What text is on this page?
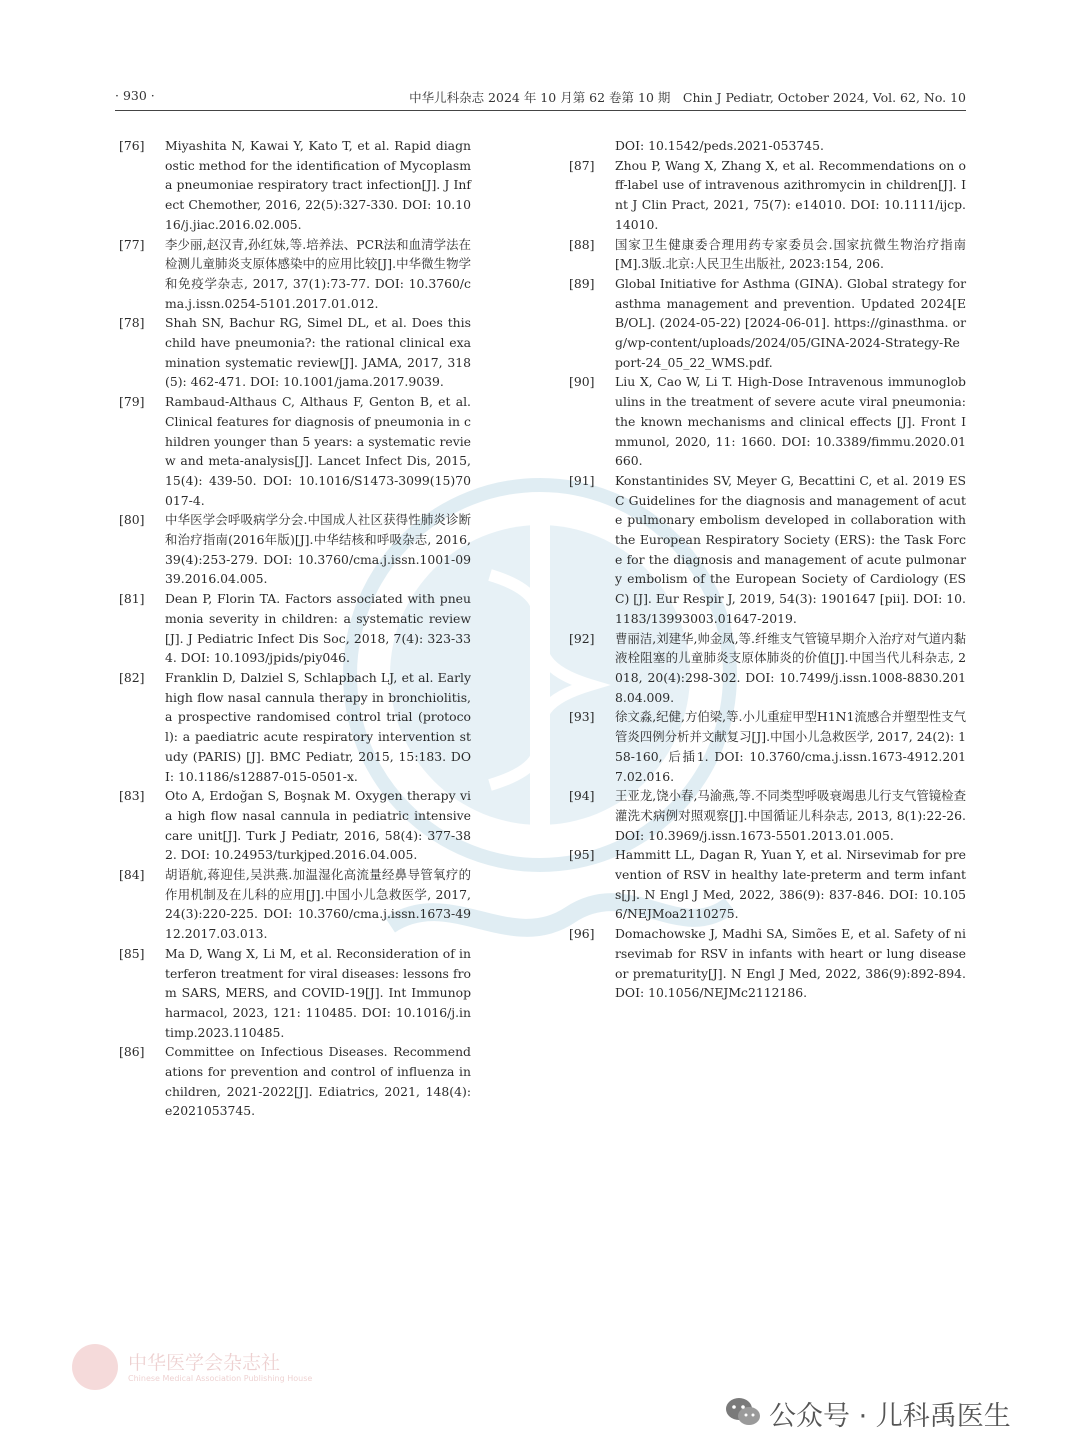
· 930 ·	中华儿科杂志 2024 年 10 月第 62 卷第 10 期　Chin J Pediatr, October 2024, Vol. 62, No. 10
[76] Miyashita N, Kawai Y, Kato T, et al. Rapid diagnostic method for the identification of Mycoplasma pneumoniae respiratory tract infection[J]. J Infect Chemother, 2016, 22(5):327-330. DOI: 10.1016/j.jiac.2016.02.005.
[77] 李少丽,赵汉青,孙红妹,等.培养法、PCR法和血清学法在检测儿童肺炎支原体感染中的应用比较[J].中华微生物学和免疫学杂志, 2017, 37(1):73-77. DOI: 10.3760/cma.j.issn.0254-5101.2017.01.012.
[78] Shah SN, Bachur RG, Simel DL, et al. Does this child have pneumonia?: the rational clinical examination systematic review[J]. JAMA, 2017, 318(5): 462-471. DOI: 10.1001/jama.2017.9039.
[79] Rambaud-Althaus C, Althaus F, Genton B, et al. Clinical features for diagnosis of pneumonia in children younger than 5 years: a systematic review and meta-analysis[J]. Lancet Infect Dis, 2015, 15(4): 439-50. DOI: 10.1016/S1473-3099(15)70017-4.
[80] 中华医学会呼吸病学分会.中国成人社区获得性肺炎诊断和治疗指南(2016年版)[J].中华结核和呼吸杂志, 2016, 39(4):253-279. DOI: 10.3760/cma.j.issn.1001-0939.2016.04.005.
[81] Dean P, Florin TA. Factors associated with pneumonia severity in children: a systematic review[J]. J Pediatric Infect Dis Soc, 2018, 7(4): 323-334. DOI: 10.1093/jpids/piy046.
[82] Franklin D, Dalziel S, Schlapbach LJ, et al. Early high flow nasal cannula therapy in bronchiolitis, a prospective randomised control trial (protocol): a paediatric acute respiratory intervention study (PARIS) [J]. BMC Pediatr, 2015, 15:183. DOI: 10.1186/s12887-015-0501-x.
[83] Oto A, Erdoğan S, Boşnak M. Oxygen therapy via high flow nasal cannula in pediatric intensive care unit[J]. Turk J Pediatr, 2016, 58(4): 377-382. DOI: 10.24953/turkjped.2016.04.005.
[84] 胡语航,蒋迎佳,吴洪燕.加温湿化高流量经鼻导管氧疗的作用机制及在儿科的应用[J].中国小儿急救医学, 2017, 24(3):220-225. DOI: 10.3760/cma.j.issn.1673-4912.2017.03.013.
[85] Ma D, Wang X, Li M, et al. Reconsideration of interferon treatment for viral diseases: lessons from SARS, MERS, and COVID-19[J]. Int Immunopharmacol, 2023, 121: 110485. DOI: 10.1016/j.intimp.2023.110485.
[86] Committee on Infectious Diseases. Recommendations for prevention and control of influenza in children, 2021-2022[J]. Ediatrics, 2021, 148(4): e2021053745.
DOI: 10.1542/peds.2021-053745.
[87] Zhou P, Wang X, Zhang X, et al. Recommendations on off-label use of intravenous azithromycin in children[J]. Int J Clin Pract, 2021, 75(7): e14010. DOI: 10.1111/ijcp.14010.
[88] 国家卫生健康委合理用药专家委员会.国家抗微生物治疗指南[M].3版.北京:人民卫生出版社, 2023:154, 206.
[89] Global Initiative for Asthma (GINA). Global strategy for asthma management and prevention. Updated 2024[EB/OL]. (2024-05-22) [2024-06-01]. https://ginasthma. org/wp-content/uploads/2024/05/GINA-2024-Strategy-Report-24_05_22_WMS.pdf.
[90] Liu X, Cao W, Li T. High-Dose Intravenous immunoglobulins in the treatment of severe acute viral pneumonia: the known mechanisms and clinical effects [J]. Front Immunol, 2020, 11: 1660. DOI: 10.3389/fimmu.2020.01660.
[91] Konstantinides SV, Meyer G, Becattini C, et al. 2019 ESC Guidelines for the diagnosis and management of acute pulmonary embolism developed in collaboration with the European Respiratory Society (ERS): the Task Force for the diagnosis and management of acute pulmonary embolism of the European Society of Cardiology (ESC) [J]. Eur Respir J, 2019, 54(3): 1901647 [pii]. DOI: 10.1183/13993003.01647-2019.
[92] 曹丽洁,刘建华,帅金凤,等.纤维支气管镜早期介入治疗对气道内黏液栓阻塞的儿童肺炎支原体肺炎的价值[J].中国当代儿科杂志, 2018, 20(4):298-302. DOI: 10.7499/j.issn.1008-8830.2018.04.009.
[93] 徐文淼,纪健,方伯梁,等.小儿重症甲型H1N1流感合并塑型性支气管炎四例分析并文献复习[J].中国小儿急救医学, 2017, 24(2): 158-160, 后插1. DOI: 10.3760/cma.j.issn.1673-4912.2017.02.016.
[94] 王亚龙,饶小春,马渝燕,等.不同类型呼吸衰竭患儿行支气管镜检查灌洗术病例对照观察[J].中国循证儿科杂志, 2013, 8(1):22-26. DOI: 10.3969/j.issn.1673-5501.2013.01.005.
[95] Hammitt LL, Dagan R, Yuan Y, et al. Nirsevimab for prevention of RSV in healthy late-preterm and term infants[J]. N Engl J Med, 2022, 386(9): 837-846. DOI: 10.1056/NEJMoa2110275.
[96] Domachowske J, Madhi SA, Simões E, et al. Safety of nirsevimab for RSV in infants with heart or lung disease or prematurity[J]. N Engl J Med, 2022, 386(9):892-894. DOI: 10.1056/NEJMc2112186.
中华医学会杂志社
Chinese Medical Association Publishing House
公众号 · 儿科禹医生
